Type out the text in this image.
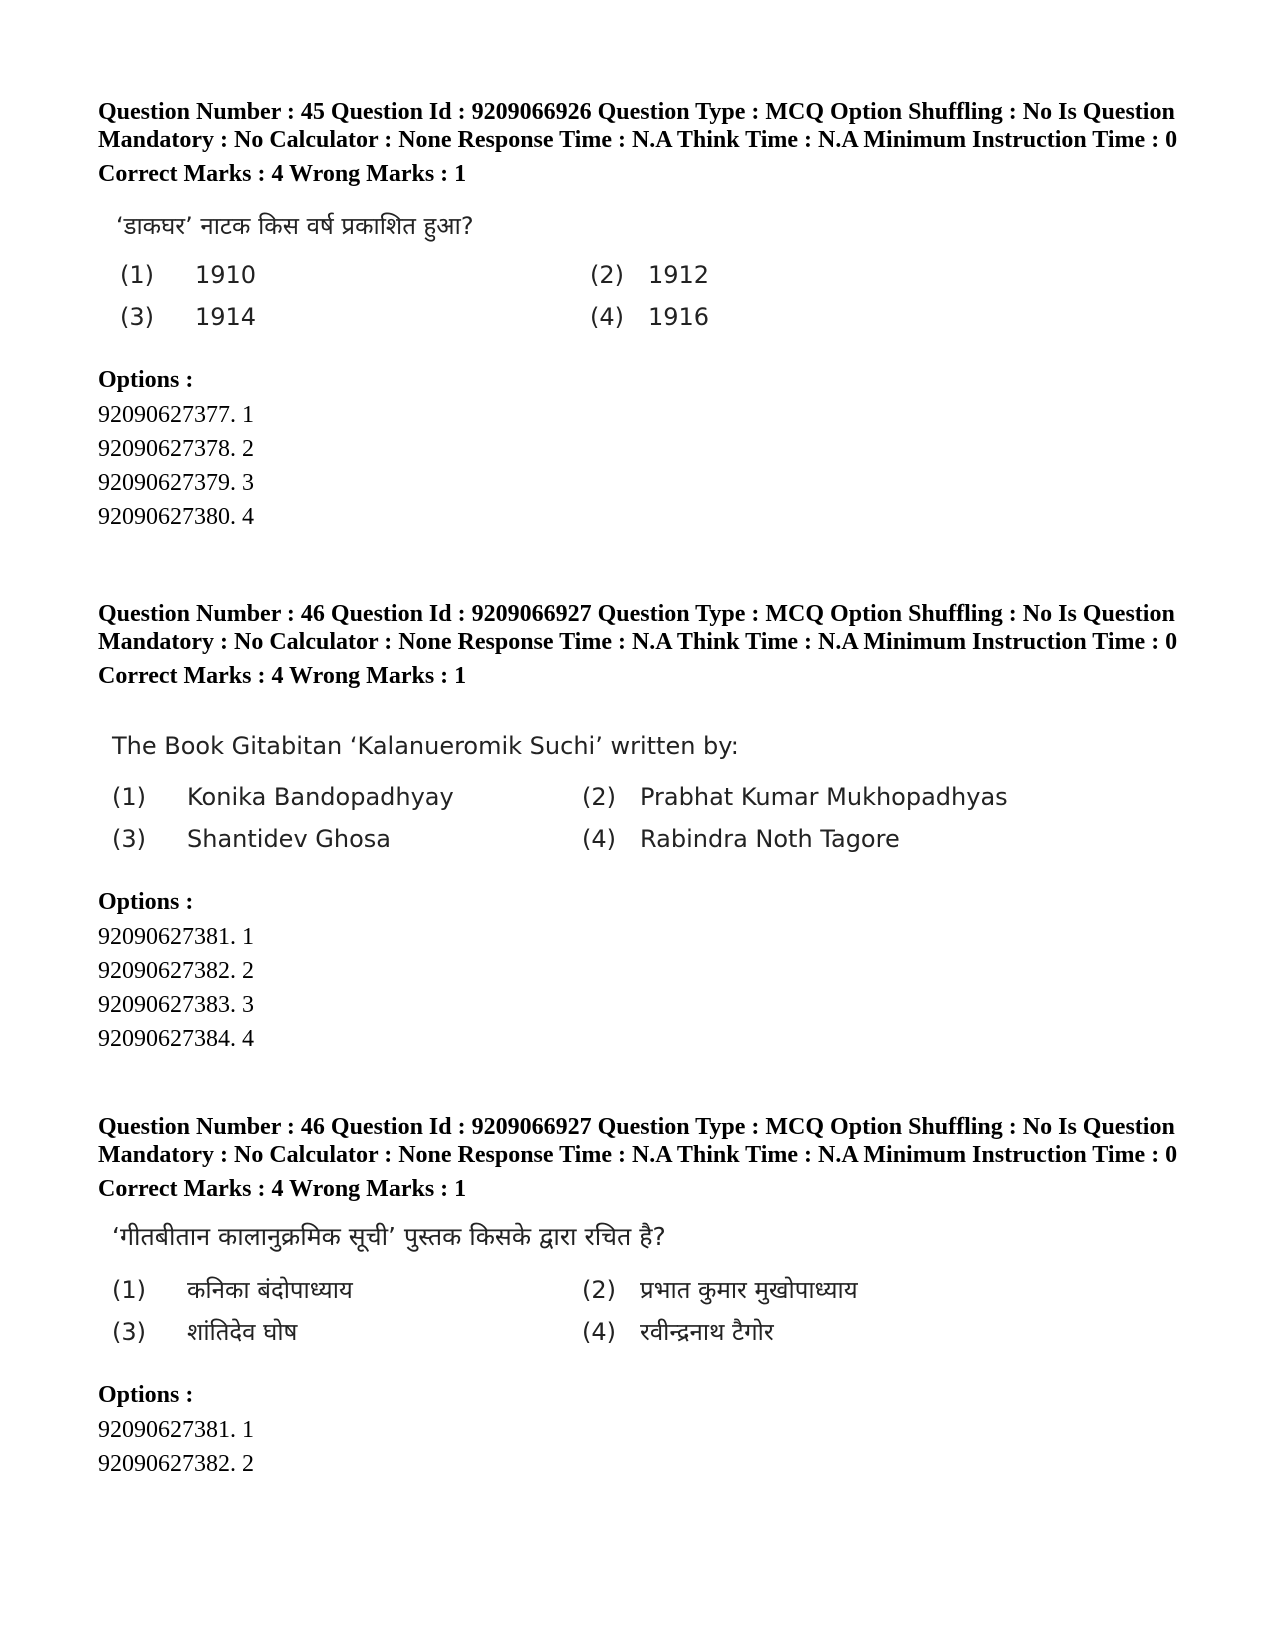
Question Number : 45 Question Id : 9209066926 Question Type : MCQ Option Shuffling : No Is Question Mandatory : No Calculator : None Response Time : N.A Think Time : N.A Minimum Instruction Time : 0

Correct Marks : 4 Wrong Marks : 1

‘डाकघर’ नाटक किस वर्ष प्रकाशित हुआ?
(1)	1910	(2)	1912
(3)	1914	(4)	1916

Options :

92090627377. 1

92090627378. 2

92090627379. 3

92090627380. 4

Question Number : 46 Question Id : 9209066927 Question Type : MCQ Option Shuffling : No Is Question Mandatory : No Calculator : None Response Time : N.A Think Time : N.A Minimum Instruction Time : 0

Correct Marks : 4 Wrong Marks : 1

The Book Gitabitan ‘Kalanueromik Suchi’ written by:
(1)	Konika Bandopadhyay	(2)	Prabhat Kumar Mukhopadhyas
(3)	Shantidev Ghosa	(4)	Rabindra Noth Tagore

Options :

92090627381. 1

92090627382. 2

92090627383. 3

92090627384. 4

Question Number : 46 Question Id : 9209066927 Question Type : MCQ Option Shuffling : No Is Question Mandatory : No Calculator : None Response Time : N.A Think Time : N.A Minimum Instruction Time : 0

Correct Marks : 4 Wrong Marks : 1

‘गीतबीतान कालानुक्रमिक सूची’ पुस्तक किसके द्वारा रचित है?
(1)	कनिका बंदोपाध्याय	(2)	प्रभात कुमार मुखोपाध्याय
(3)	शांतिदेव घोष	(4)	रवीन्द्रनाथ टैगोर

Options :

92090627381. 1

92090627382. 2
